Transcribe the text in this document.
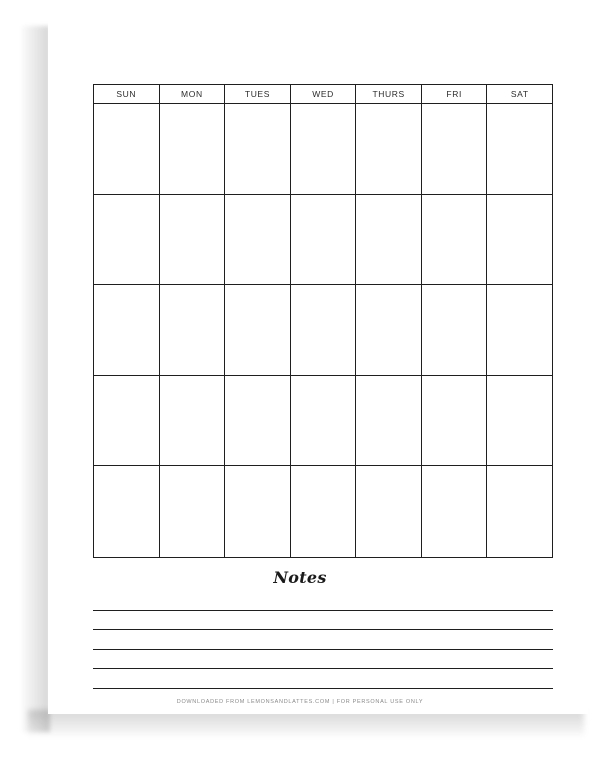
SUN	MON	TUES	WED	THURS	FRI	SAT
Notes
DOWNLOADED FROM LEMONSANDLATTES.COM | FOR PERSONAL USE ONLY
